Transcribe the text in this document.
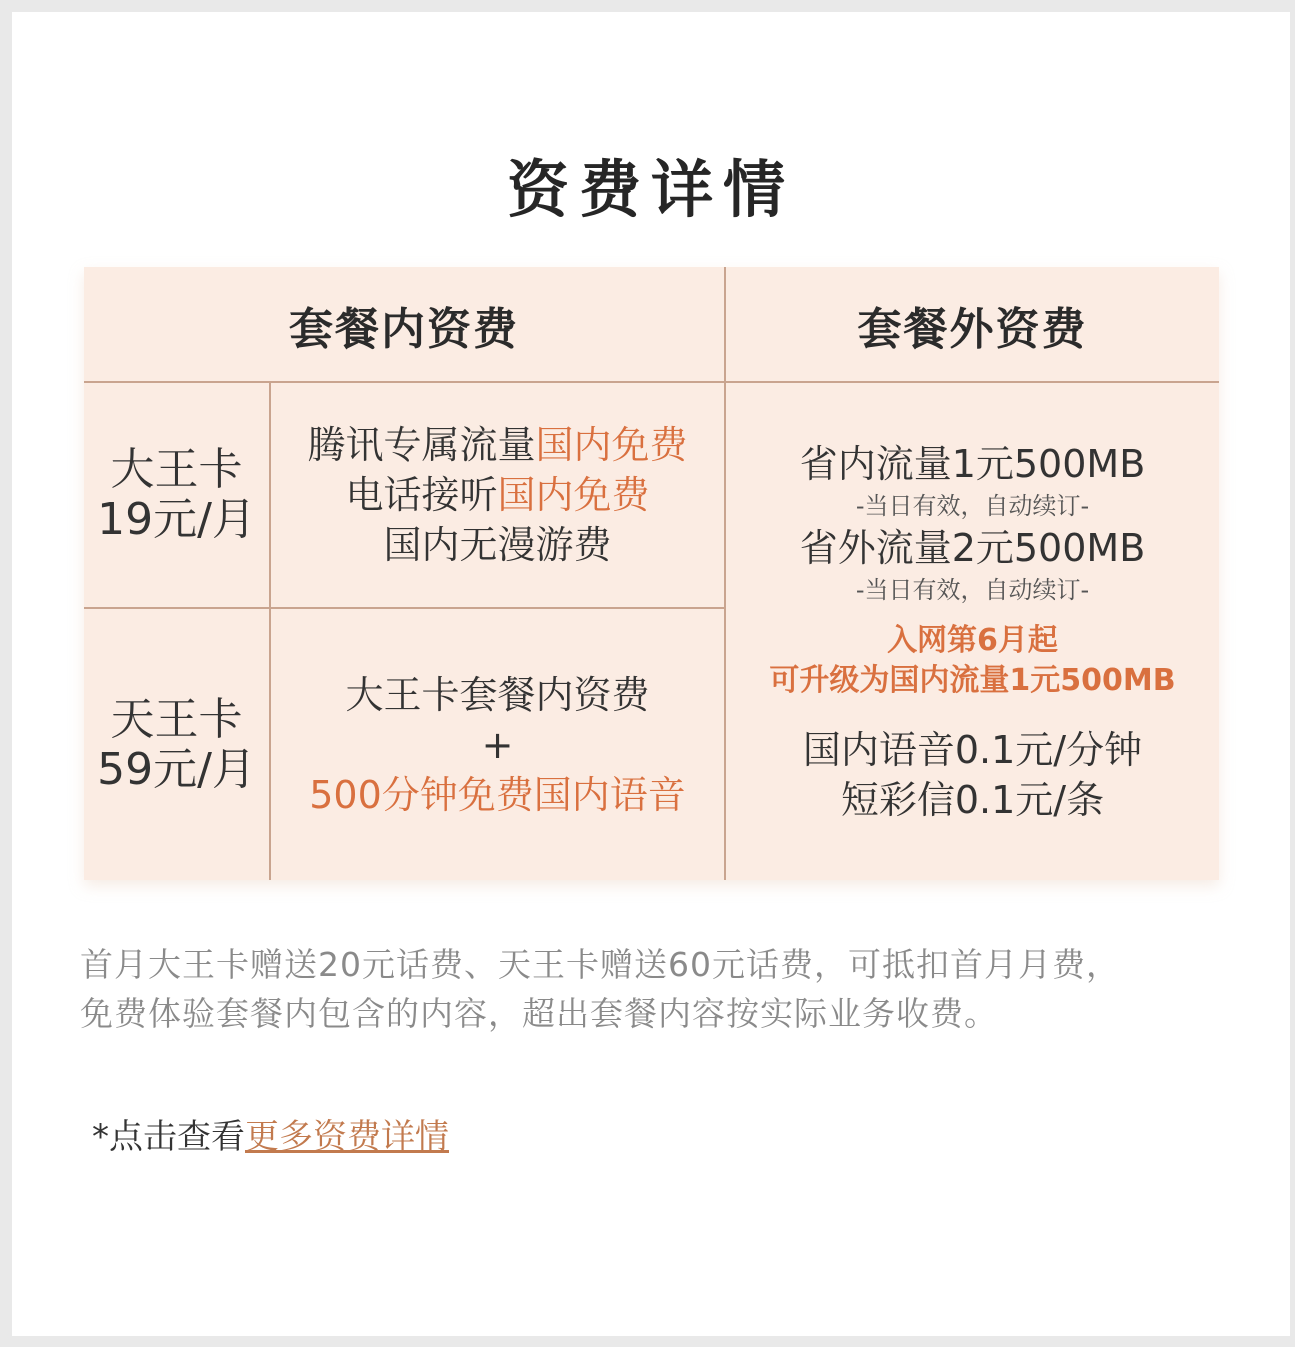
资费详情
套餐内资费	套餐外资费
大王卡
19元/月
腾讯专属流量国内免费
电话接听国内免费
国内无漫游费
天王卡
59元/月
大王卡套餐内资费
+
500分钟免费国内语音
省内流量1元500MB
-当日有效，自动续订-
省外流量2元500MB
-当日有效，自动续订-
入网第6月起
可升级为国内流量1元500MB
国内语音0.1元/分钟
短彩信0.1元/条
首月大王卡赠送20元话费、天王卡赠送60元话费，可抵扣首月月费，
免费体验套餐内包含的内容，超出套餐内容按实际业务收费。
*点击查看更多资费详情
